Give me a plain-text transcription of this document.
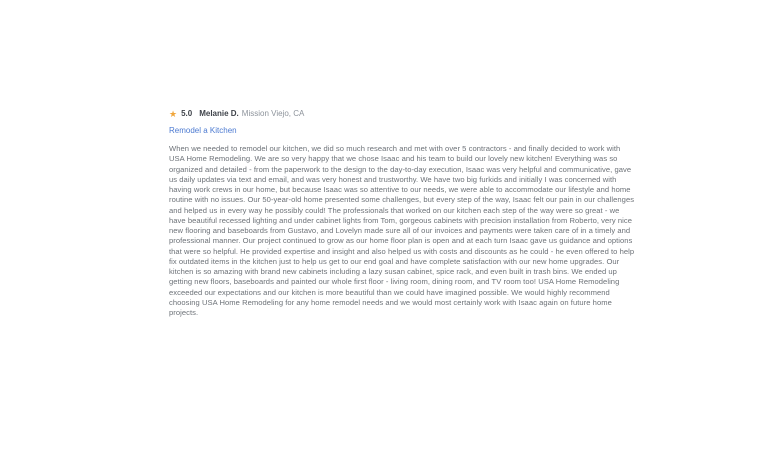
★ 5.0 Melanie D. Mission Viejo, CA
Remodel a Kitchen

When we needed to remodel our kitchen, we did so much research and met with over 5 contractors - and finally decided to work with USA Home Remodeling. We are so very happy that we chose Isaac and his team to build our lovely new kitchen! Everything was so organized and detailed - from the paperwork to the design to the day-to-day execution, Isaac was very helpful and communicative, gave us daily updates via text and email, and was very honest and trustworthy. We have two big furkids and initially I was concerned with having work crews in our home, but because Isaac was so attentive to our needs, we were able to accommodate our lifestyle and home routine with no issues. Our 50-year-old home presented some challenges, but every step of the way, Isaac felt our pain in our challenges and helped us in every way he possibly could! The professionals that worked on our kitchen each step of the way were so great - we have beautiful recessed lighting and under cabinet lights from Tom, gorgeous cabinets with precision installation from Roberto, very nice new flooring and baseboards from Gustavo, and Lovelyn made sure all of our invoices and payments were taken care of in a timely and professional manner. Our project continued to grow as our home floor plan is open and at each turn Isaac gave us guidance and options that were so helpful. He provided expertise and insight and also helped us with costs and discounts as he could - he even offered to help fix outdated items in the kitchen just to help us get to our end goal and have complete satisfaction with our new home upgrades. Our kitchen is so amazing with brand new cabinets including a lazy susan cabinet, spice rack, and even built in trash bins. We ended up getting new floors, baseboards and painted our whole first floor - living room, dining room, and TV room too! USA Home Remodeling exceeded our expectations and our kitchen is more beautiful than we could have imagined possible. We would highly recommend choosing USA Home Remodeling for any home remodel needs and we would most certainly work with Isaac again on future home projects.
